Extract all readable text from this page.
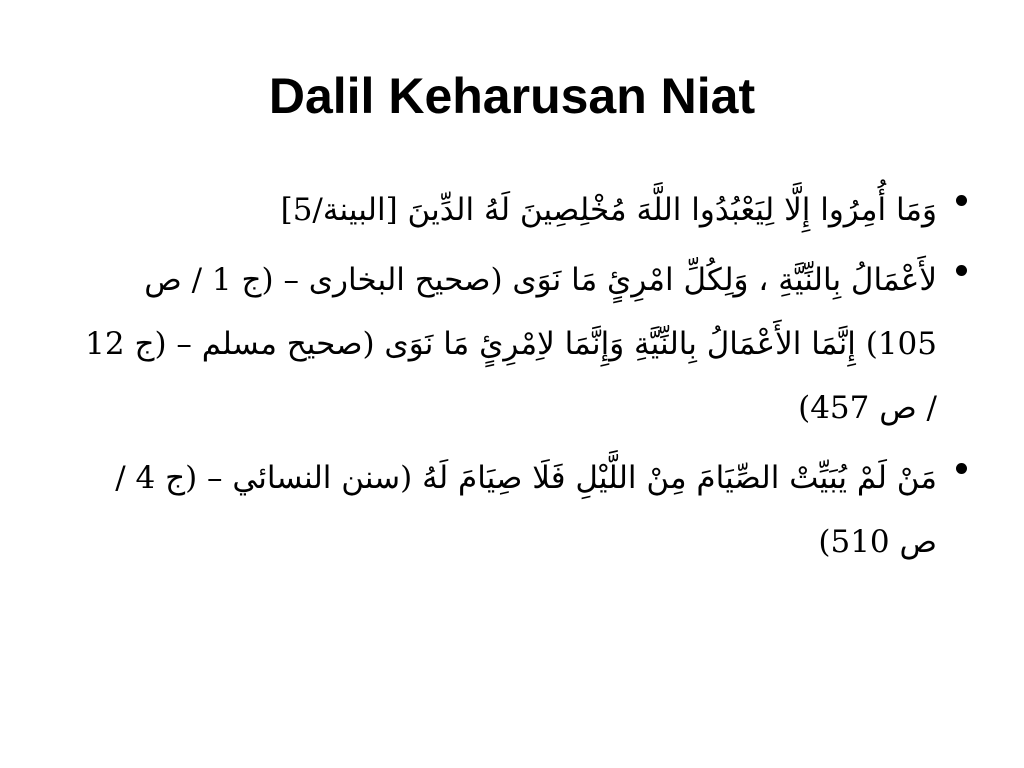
Dalil Keharusan Niat
وَمَا أُمِرُوا إِلَّا لِيَعْبُدُوا اللَّهَ مُخْلِصِينَ لَهُ الدِّينَ [البينة/5]
لأَعْمَالُ بِالنِّيَّةِ ، وَلِكُلِّ امْرِئٍ مَا نَوَى (صحيح البخارى – (ج 1 / ص 105) إِنَّمَا الأَعْمَالُ بِالنِّيَّةِ وَإِنَّمَا لاِمْرِئٍ مَا نَوَى (صحيح مسلم – (ج 12 / ص 457)
مَنْ لَمْ يُبَيِّتْ الصِّيَامَ مِنْ اللَّيْلِ فَلَا صِيَامَ لَهُ (سنن النسائي – (ج 4 / ص 510)
